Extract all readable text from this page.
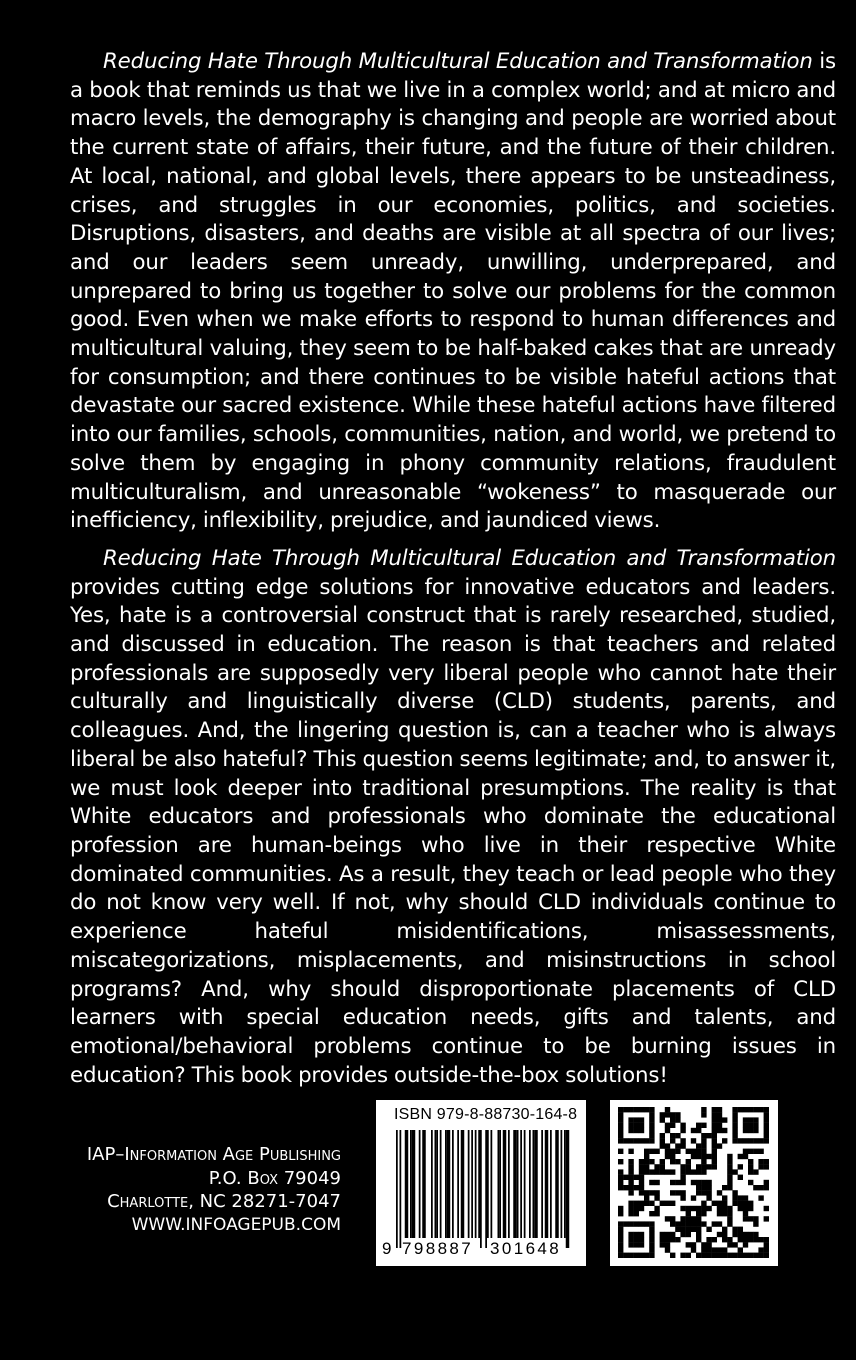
Reducing Hate Through Multicultural Education and Transformation is a book that reminds us that we live in a complex world; and at micro and macro levels, the demography is changing and people are worried about the current state of affairs, their future, and the future of their children. At local, national, and global levels, there appears to be unsteadiness, crises, and struggles in our economies, politics, and societies. Disruptions, disasters, and deaths are visible at all spectra of our lives; and our leaders seem unready, unwilling, underprepared, and unprepared to bring us together to solve our problems for the common good. Even when we make efforts to respond to human differences and multicultural valuing, they seem to be half-baked cakes that are unready for consumption; and there continues to be visible hateful actions that devastate our sacred existence. While these hateful actions have filtered into our families, schools, communities, nation, and world, we pretend to solve them by engaging in phony community relations, fraudulent multiculturalism, and unreasonable “wokeness” to masquerade our inefficiency, inflexibility, prejudice, and jaundiced views.

Reducing Hate Through Multicultural Education and Transformation provides cutting edge solutions for innovative educators and leaders. Yes, hate is a controversial construct that is rarely researched, studied, and discussed in education. The reason is that teachers and related professionals are supposedly very liberal people who cannot hate their culturally and linguistically diverse (CLD) students, parents, and colleagues. And, the lingering question is, can a teacher who is always liberal be also hateful? This question seems legitimate; and, to answer it, we must look deeper into traditional presumptions. The reality is that White educators and professionals who dominate the educational profession are human-beings who live in their respective White dominated communities. As a result, they teach or lead people who they do not know very well. If not, why should CLD individuals continue to experience hateful misidentifications, misassessments, miscategorizations, misplacements, and misinstructions in school programs? And, why should disproportionate placements of CLD learners with special education needs, gifts and talents, and emotional/behavioral problems continue to be burning issues in education? This book provides outside-the-box solutions!

IAP–Information Age Publishing
P.O. Box 79049
Charlotte, NC 28271-7047
WWW.INFOAGEPUB.COM
ISBN 979-8-88730-164-8
9 798887 301648
